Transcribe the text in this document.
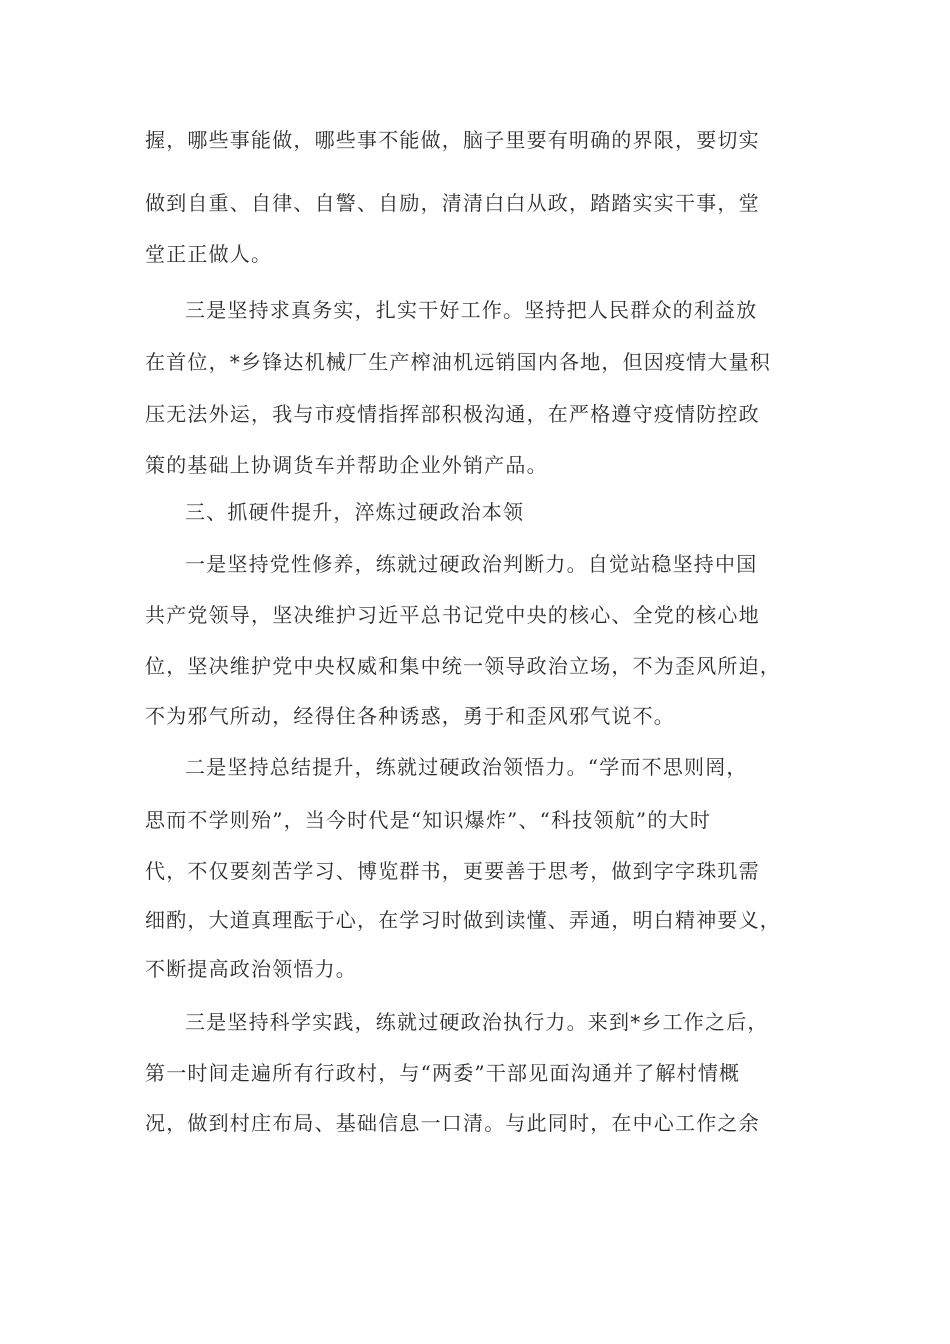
握，哪些事能做，哪些事不能做，脑子里要有明确的界限，要切实
做到自重、自律、自警、自励，清清白白从政，踏踏实实干事，堂
堂正正做人。
三是坚持求真务实，扎实干好工作。坚持把人民群众的利益放
在首位，*乡锋达机械厂生产榨油机远销国内各地，但因疫情大量积
压无法外运，我与市疫情指挥部积极沟通，在严格遵守疫情防控政
策的基础上协调货车并帮助企业外销产品。
三、抓硬件提升，淬炼过硬政治本领
一是坚持党性修养，练就过硬政治判断力。自觉站稳坚持中国
共产党领导，坚决维护习近平总书记党中央的核心、全党的核心地
位，坚决维护党中央权威和集中统一领导政治立场，不为歪风所迫，
不为邪气所动，经得住各种诱惑，勇于和歪风邪气说不。
二是坚持总结提升，练就过硬政治领悟力。“学而不思则罔，
思而不学则殆”，当今时代是“知识爆炸”、“科技领航”的大时
代，不仅要刻苦学习、博览群书，更要善于思考，做到字字珠玑需
细酌，大道真理酝于心，在学习时做到读懂、弄通，明白精神要义，
不断提高政治领悟力。
三是坚持科学实践，练就过硬政治执行力。来到*乡工作之后，
第一时间走遍所有行政村，与“两委”干部见面沟通并了解村情概
况，做到村庄布局、基础信息一口清。与此同时，在中心工作之余
